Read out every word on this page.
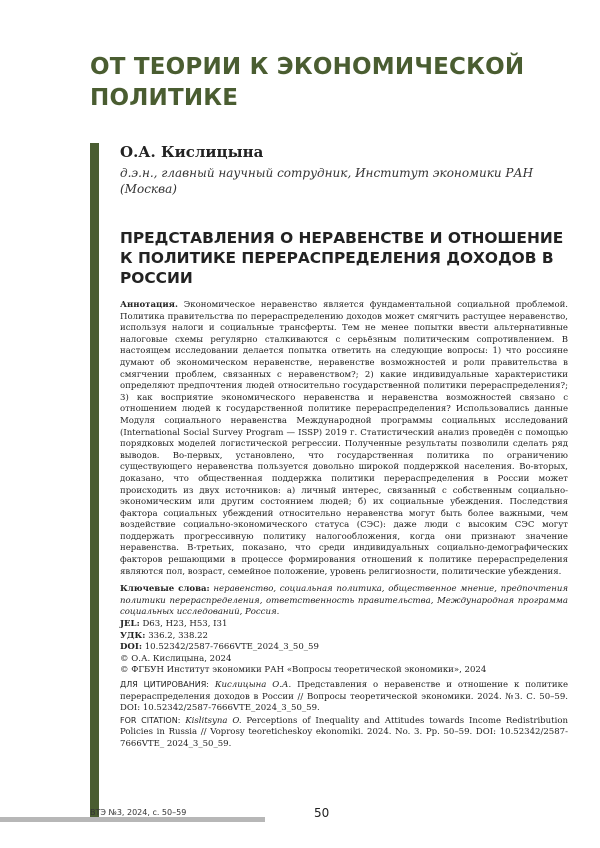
ОТ ТЕОРИИ К ЭКОНОМИЧЕСКОЙ ПОЛИТИКЕ

О.А. Кислицына

д.э.н., главный научный сотрудник, Институт экономики РАН (Москва)

ПРЕДСТАВЛЕНИЯ О НЕРАВЕНСТВЕ И ОТНОШЕНИЕ К ПОЛИТИКЕ ПЕРЕРАСПРЕДЕЛЕНИЯ ДОХОДОВ В РОССИИ

Аннотация. Экономическое неравенство является фундаментальной социальной проблемой. Политика правительства по перераспределению доходов может смягчить растущее неравенство, используя налоги и социальные трансферты. Тем не менее попытки ввести альтернативные налоговые схемы регулярно сталкиваются с серьёзным политическим сопротивлением. В настоящем исследовании делается попытка ответить на следующие вопросы: 1) что россияне думают об экономическом неравенстве, неравенстве возможностей и роли правительства в смягчении проблем, связанных с неравенством?; 2) какие индивидуальные характеристики определяют предпочтения людей относительно государственной политики перераспределения?; 3) как восприятие экономического неравенства и неравенства возможностей связано с отношением людей к государственной политике перераспределения? Использовались данные Модуля социального неравенства Международной программы социальных исследований (International Social Survey Program — ISSP) 2019 г. Статистический анализ проведён с помощью порядковых моделей логистической регрессии. Полученные результаты позволили сделать ряд выводов. Во-первых, установлено, что государственная политика по ограничению существующего неравенства пользуется довольно широкой поддержкой населения. Во-вторых, доказано, что общественная поддержка политики перераспределения в России может происходить из двух источников: а) личный интерес, связанный с собственным социально-экономическим или другим состоянием людей; б) их социальные убеждения. Последствия фактора социальных убеждений относительно неравенства могут быть более важными, чем воздействие социально-экономического статуса (СЭС): даже люди с высоким СЭС могут поддержать прогрессивную политику налогообложения, когда они признают значение неравенства. В-третьих, показано, что среди индивидуальных социально-демографических факторов решающими в процессе формирования отношений к политике перераспределения являются пол, возраст, семейное положение, уровень религиозности, политические убеждения.

Ключевые слова: неравенство, социальная политика, общественное мнение, предпочтения политики перераспределения, ответственность правительства, Международная программа социальных исследований, Россия.

JEL: D63, H23, H53, I31

УДК: 336.2, 338.22

DOI: 10.52342/2587-7666VTE_2024_3_50_59

© О.А. Кислицына, 2024

© ФГБУН Институт экономики РАН «Вопросы теоретической экономики», 2024

ДЛЯ ЦИТИРОВАНИЯ: Кислицына О.А. Представления о неравенстве и отношение к политике перераспределения доходов в России // Вопросы теоретической экономики. 2024. №3. С. 50–59. DOI: 10.52342/2587-7666VTE_2024_3_50_59.

FOR CITATION: Kislitsyna O. Perceptions of Inequality and Attitudes towards Income Redistribution Policies in Russia // Voprosy teoreticheskoy ekonomiki. 2024. No. 3. Pp. 50–59. DOI: 10.52342/2587-7666VTE_ 2024_3_50_59.

ВТЭ №3, 2024, с. 50–59	50
